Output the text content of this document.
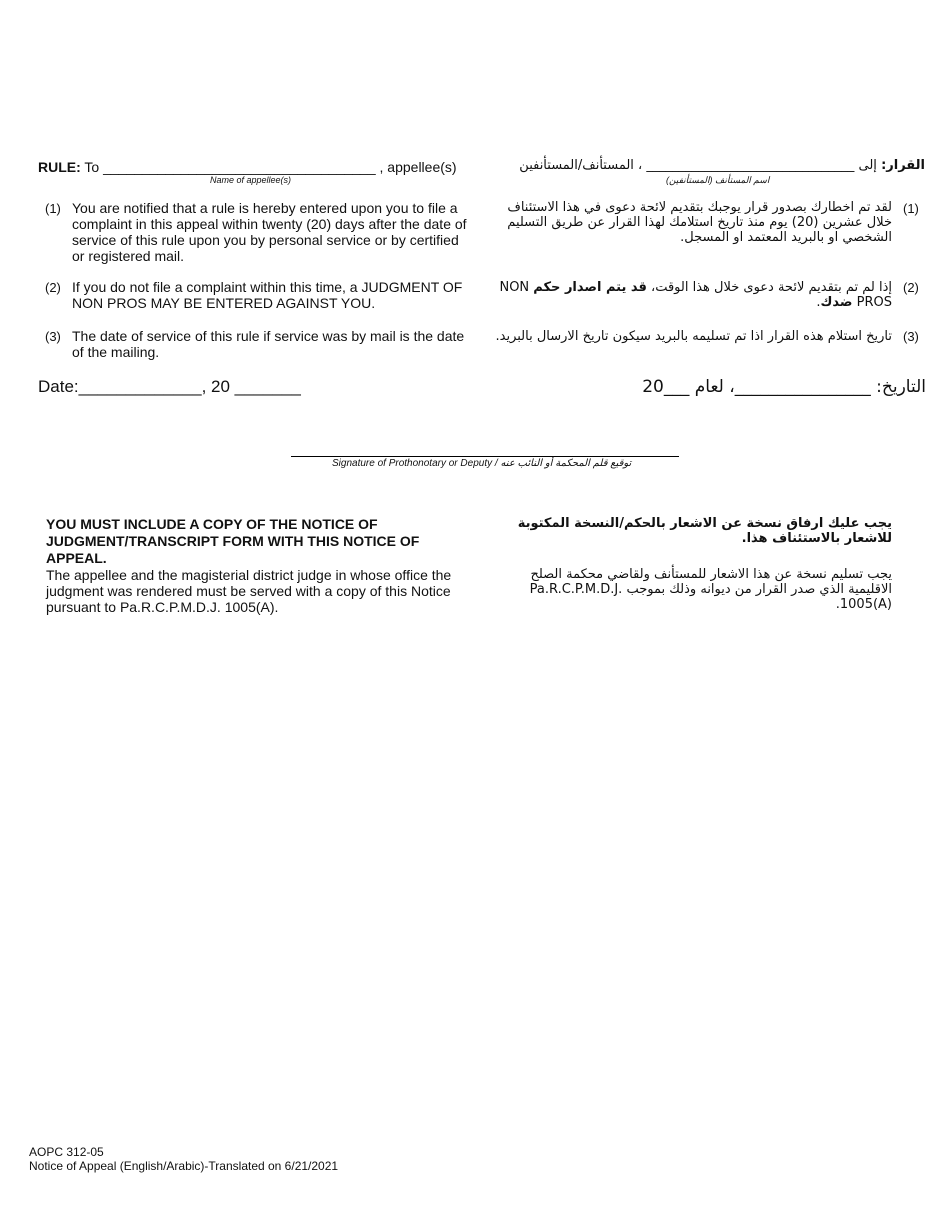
RULE: To ___________________________________ , appellee(s)
Name of appellee(s)
القرار: إلى ________________________________ ، المستأنف/المستأنفين
اسم المستأنف (المستأنفين)
(1) You are notified that a rule is hereby entered upon you to file a complaint in this appeal within twenty (20) days after the date of service of this rule upon you by personal service or by certified or registered mail.
(2) If you do not file a complaint within this time, a JUDGMENT OF NON PROS MAY BE ENTERED AGAINST YOU.
(3) The date of service of this rule if service was by mail is the date of the mailing.
(1)
لقد تم اخطارك بصدور قرار يوجبك بتقديم لائحة دعوى في هذا الاستئناف خلال عشرين (20) يوم منذ تاريخ استلامك لهذا القرار عن طريق التسليم الشخصي او بالبريد المعتمد او المسجل.
(2)
إذا لم تم بتقديم لائحة دعوى خلال هذا الوقت، قد يتم اصدار حكم NON PROS ضدك.
(3)
تاريخ استلام هذه القرار اذا تم تسليمه بالبريد سيكون تاريخ الارسال بالبريد.
Date:_____________, 20 _______	التاريخ: ________________، لعام ___20
Signature of Prothonotary or Deputy / توقيع قلم المحكمة أو النائب عنه
YOU MUST INCLUDE A COPY OF THE NOTICE OF JUDGMENT/TRANSCRIPT FORM WITH THIS NOTICE OF APPEAL.
The appellee and the magisterial district judge in whose office the judgment was rendered must be served with a copy of this Notice pursuant to Pa.R.C.P.M.D.J. 1005(A).
يجب عليك ارفاق نسخة عن الاشعار بالحكم/النسخة المكتوبة للاشعار بالاستئناف هذا.
يجب تسليم نسخة عن هذا الاشعار للمستأنف ولقاضي محكمة الصلح الاقليمية الذي صدر القرار من ديوانه وذلك بموجب Pa.R.C.P.M.D.J. 1005(A).
AOPC 312-05
Notice of Appeal (English/Arabic)-Translated on 6/21/2021
